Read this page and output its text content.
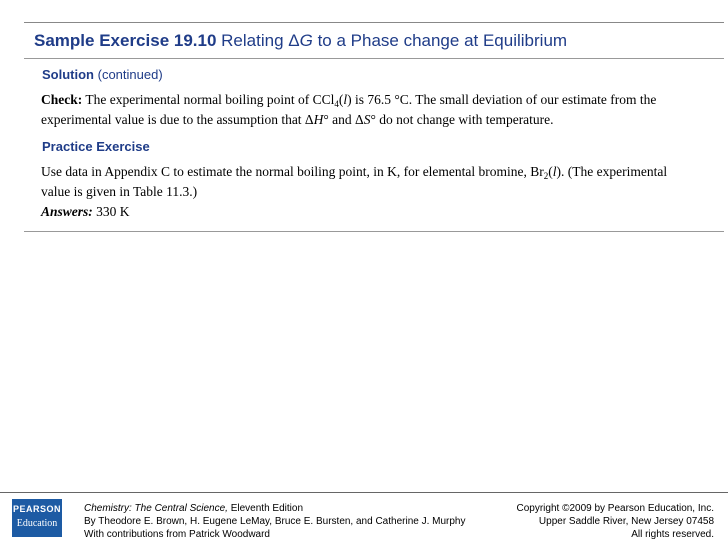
Sample Exercise 19.10 Relating ΔG to a Phase change at Equilibrium
Solution (continued)
Check: The experimental normal boiling point of CCl$_4$(l) is 76.5 °C. The small deviation of our estimate from the experimental value is due to the assumption that ΔH° and ΔS° do not change with temperature.
Practice Exercise
Use data in Appendix C to estimate the normal boiling point, in K, for elemental bromine, $Br_2(l)$. (The experimental value is given in Table 11.3.)
Answers: 330 K
PEARSON
Education
Chemistry: The Central Science, Eleventh Edition
By Theodore E. Brown, H. Eugene LeMay, Bruce E. Bursten, and Catherine J. Murphy
With contributions from Patrick Woodward
Copyright ©2009 by Pearson Education, Inc.
Upper Saddle River, New Jersey 07458
All rights reserved.
